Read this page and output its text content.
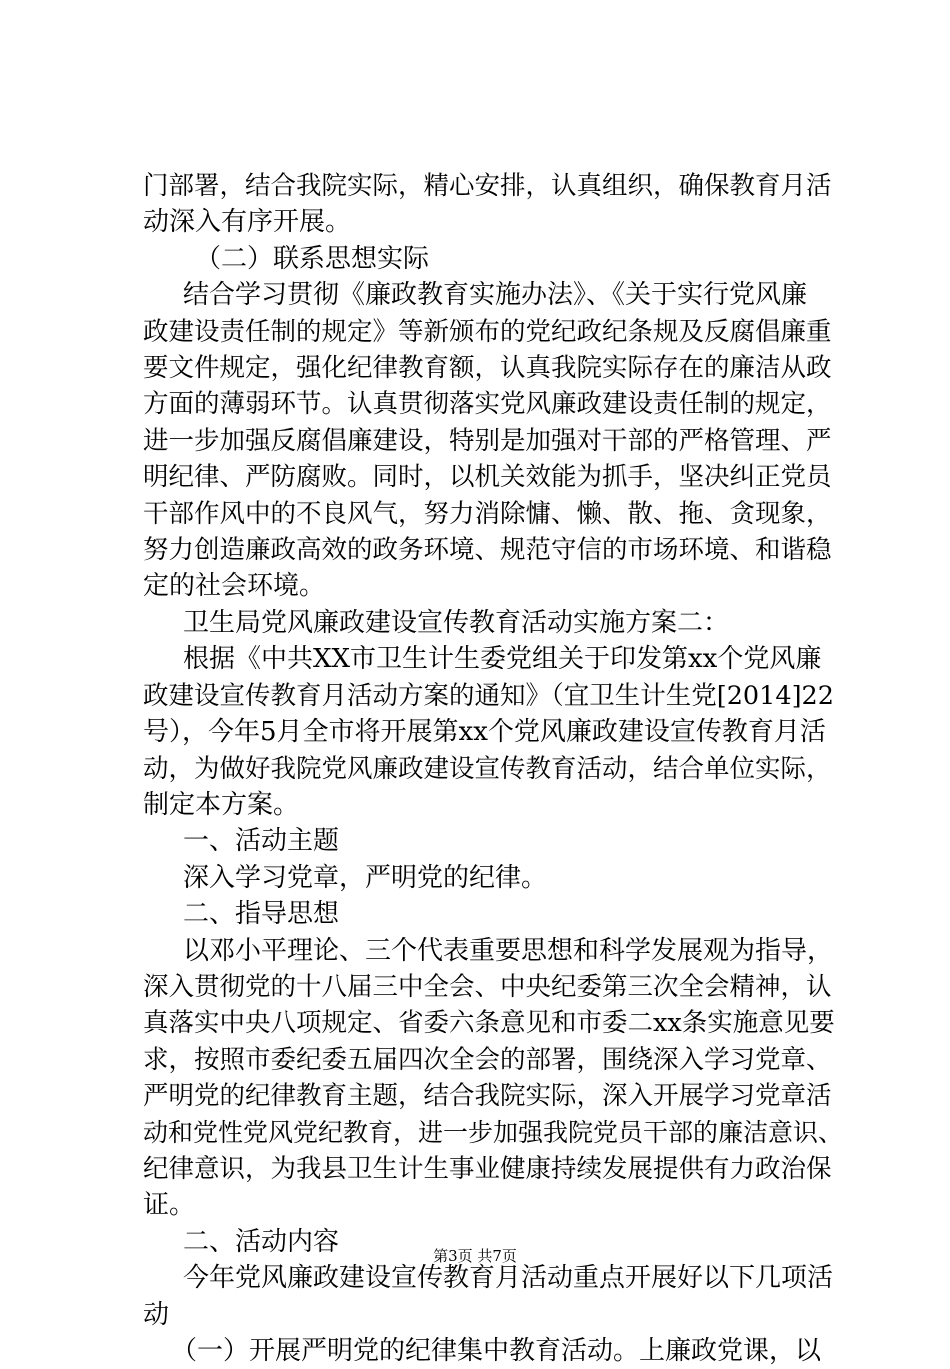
门部署，结合我院实际，精心安排，认真组织，确保教育月活

动深入有序开展。

（二）联系思想实际

结合学习贯彻《廉政教育实施办法》、《关于实行党风廉

政建设责任制的规定》等新颁布的党纪政纪条规及反腐倡廉重

要文件规定，强化纪律教育额，认真我院实际存在的廉洁从政

方面的薄弱环节。认真贯彻落实党风廉政建设责任制的规定，

进一步加强反腐倡廉建设，特别是加强对干部的严格管理、严

明纪律、严防腐败。同时，以机关效能为抓手，坚决纠正党员

干部作风中的不良风气，努力消除慵、懒、散、拖、贪现象，

努力创造廉政高效的政务环境、规范守信的市场环境、和谐稳

定的社会环境。

卫生局党风廉政建设宣传教育活动实施方案二：

根据《中共XX市卫生计生委党组关于印发第xx个党风廉

政建设宣传教育月活动方案的通知》（宜卫生计生党[2014]22

号），今年5月全市将开展第xx个党风廉政建设宣传教育月活

动，为做好我院党风廉政建设宣传教育活动，结合单位实际，

制定本方案。

一、活动主题

深入学习党章，严明党的纪律。

二、指导思想

以邓小平理论、三个代表重要思想和科学发展观为指导，

深入贯彻党的十八届三中全会、中央纪委第三次全会精神，认

真落实中央八项规定、省委六条意见和市委二xx条实施意见要

求，按照市委纪委五届四次全会的部署，围绕深入学习党章、

严明党的纪律教育主题，结合我院实际，深入开展学习党章活

动和党性党风党纪教育，进一步加强我院党员干部的廉洁意识、

纪律意识，为我县卫生计生事业健康持续发展提供有力政治保

证。

二、活动内容

今年党风廉政建设宣传教育月活动重点开展好以下几项活

动

（一）开展严明党的纪律集中教育活动。上廉政党课，以

第3页 共7页
